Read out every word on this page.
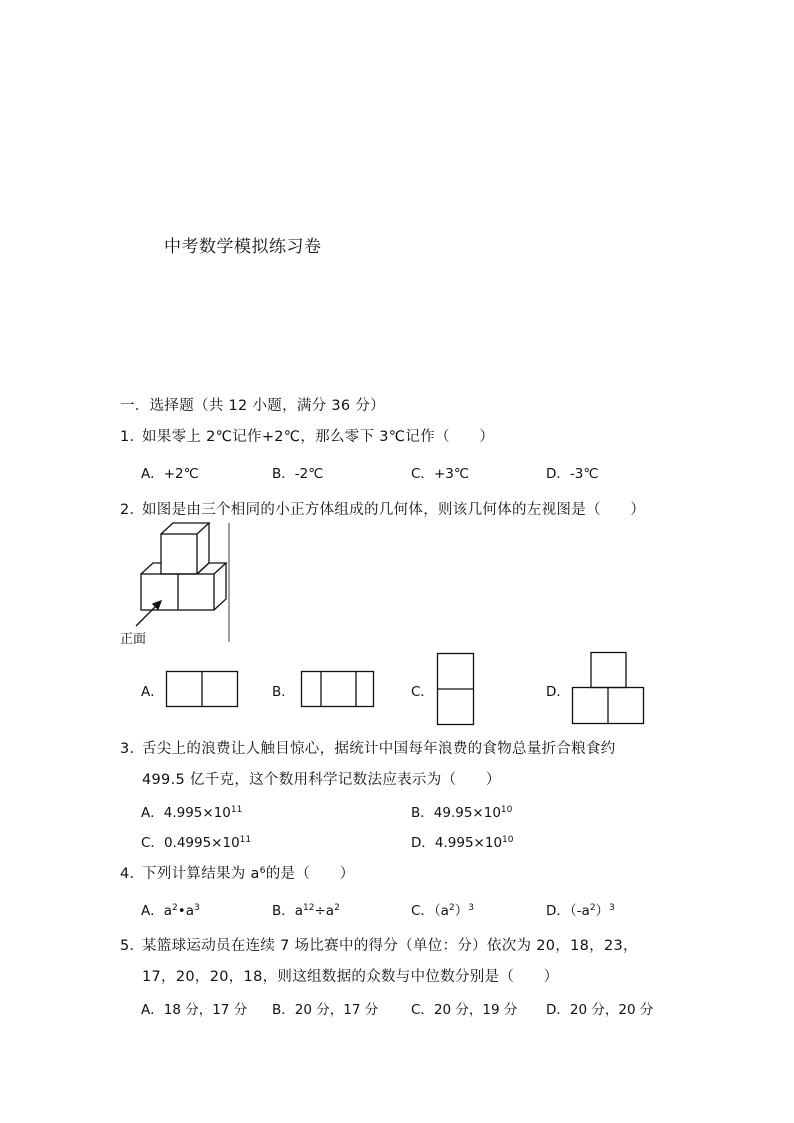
中考数学模拟练习卷
一．选择题（共 12 小题，满分 36 分）
1．
如果零上 2℃记作+2℃，那么零下 3℃记作（　　）
A．+2℃	B．-2℃	C．+3℃	D．-3℃
2．
如图是由三个相同的小正方体组成的几何体，则该几何体的左视图是（　　）
正面
A．	B．	C．	D．
3．
舌尖上的浪费让人触目惊心，据统计中国每年浪费的食物总量折合粮食约
499.5 亿千克，这个数用科学记数法应表示为（　　）
A．$4.995\times 10^{11}$	B．$49.95\times 10^{10}$
C．$0.4995\times 10^{11}$	D．$4.995\times 10^{10}$
4．
下列计算结果为 $a^6$的是（　　）
A．$a^2•a^3$	B．$a^{12}\div a^2$	C．$(a^2)^3$	D．$(-a^2)^3$
5．
某篮球运动员在连续 7 场比赛中的得分（单位：分）依次为 20，18，23，
17，20，20，18，则这组数据的众数与中位数分别是（　　）
A．18 分，17 分 B．20 分，17 分 C．20 分，19 分 D．20 分，20 分
